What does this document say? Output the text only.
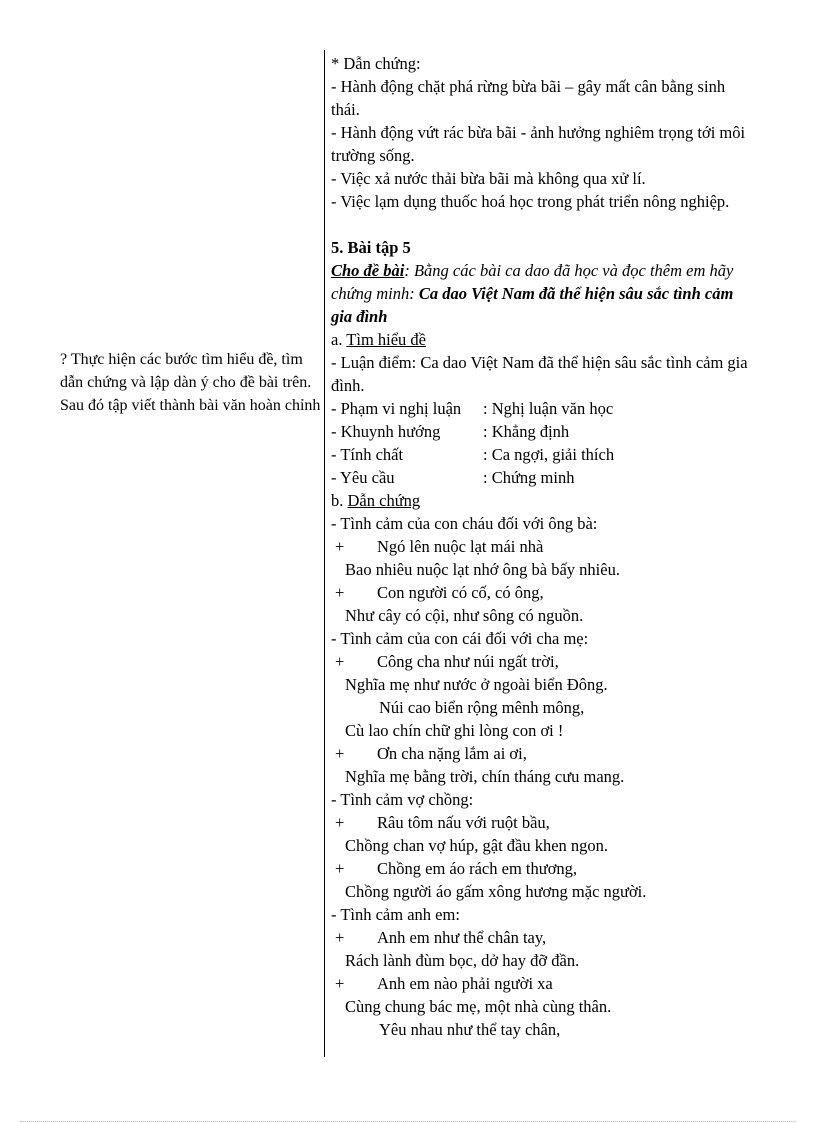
? Thực hiện các bước tìm hiểu đề, tìm dẫn chứng và lập dàn ý cho đề bài trên. Sau đó tập viết thành bài văn hoàn chỉnh
* Dẫn chứng:
- Hành động chặt phá rừng bừa bãi – gây mất cân bằng sinh thái.
- Hành động vứt rác bừa bãi - ảnh hưởng nghiêm trọng tới môi trường sống.
- Việc xả nước thải bừa bãi mà không qua xử lí.
- Việc lạm dụng thuốc hoá học trong phát triển nông nghiệp.
5. Bài tập 5
Cho đề bài: Bằng các bài ca dao đã học và đọc thêm em hãy chứng minh: Ca dao Việt Nam đã thể hiện sâu sắc tình cảm gia đình
a. Tìm hiểu đề
- Luận điểm: Ca dao Việt Nam đã thể hiện sâu sắc tình cảm gia đình.
- Phạm vi nghị luận : Nghị luận văn học
- Khuynh hướng	: Khẳng định
- Tính chất	: Ca ngợi, giải thích
- Yêu cầu	: Chứng minh
b. Dẫn chứng
- Tình cảm của con cháu đối với ông bà:
+ Ngó lên nuộc lạt mái nhà
Bao nhiêu nuộc lạt nhớ ông bà bấy nhiêu.
+ Con người có cố, có ông,
Như cây có cội, như sông có nguồn.
- Tình cảm của con cái đối với cha mẹ:
+ Công cha như núi ngất trời,
Nghĩa mẹ như nước ở ngoài biển Đông.
Núi cao biển rộng mênh mông,
Cù lao chín chữ ghi lòng con ơi !
+ Ơn cha nặng lắm ai ơi,
Nghĩa mẹ bằng trời, chín tháng cưu mang.
- Tình cảm vợ chồng:
+ Râu tôm nấu với ruột bầu,
Chồng chan vợ húp, gật đầu khen ngon.
+ Chồng em áo rách em thương,
Chồng người áo gấm xông hương mặc người.
- Tình cảm anh em:
+ Anh em như thể chân tay,
Rách lành đùm bọc, dở hay đỡ đần.
+ Anh em nào phải người xa
Cùng chung bác mẹ, một nhà cùng thân.
Yêu nhau như thể tay chân,
